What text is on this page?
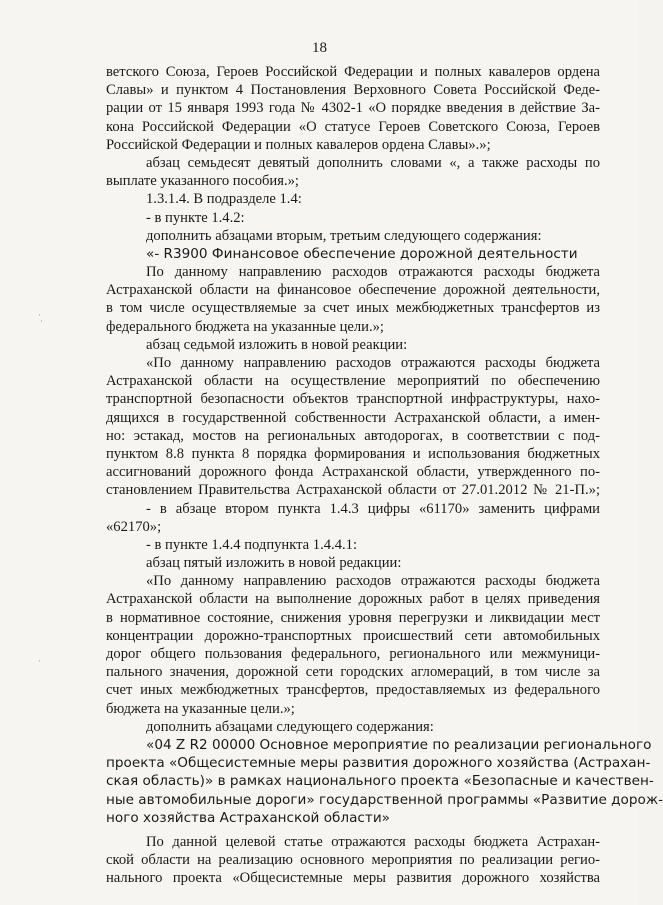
18
·
·
·
ветского Союза, Героев Российской Федерации и полных кавалеров ордена
Славы» и пунктом 4 Постановления Верховного Совета Российской Феде-
рации от 15 января 1993 года № 4302-1 «О порядке введения в действие За-
кона Российской Федерации «О статусе Героев Советского Союза, Героев
Российской Федерации и полных кавалеров ордена Славы».»;
абзац семьдесят девятый дополнить словами «, а также расходы по
выплате указанного пособия.»;
1.3.1.4. В подразделе 1.4:
- в пункте 1.4.2:
дополнить абзацами вторым, третьим следующего содержания:
«- R3900 Финансовое обеспечение дорожной деятельности
По данному направлению расходов отражаются расходы бюджета
Астраханской области на финансовое обеспечение дорожной деятельности,
в том числе осуществляемые за счет иных межбюджетных трансфертов из
федерального бюджета на указанные цели.»;
абзац седьмой изложить в новой реакции:
«По данному направлению расходов отражаются расходы бюджета
Астраханской области на осуществление мероприятий по обеспечению
транспортной безопасности объектов транспортной инфраструктуры, нахо-
дящихся в государственной собственности Астраханской области, а имен-
но: эстакад, мостов на региональных автодорогах, в соответствии с под-
пунктом 8.8 пункта 8 порядка формирования и использования бюджетных
ассигнований дорожного фонда Астраханской области, утвержденного по-
становлением Правительства Астраханской области от 27.01.2012 № 21-П.»;
- в абзаце втором пункта 1.4.3 цифры «61170» заменить цифрами
«62170»;
- в пункте 1.4.4 подпункта 1.4.4.1:
абзац пятый изложить в новой редакции:
«По данному направлению расходов отражаются расходы бюджета
Астраханской области на выполнение дорожных работ в целях приведения
в нормативное состояние, снижения уровня перегрузки и ликвидации мест
концентрации дорожно-транспортных происшествий сети автомобильных
дорог общего пользования федерального, регионального или межмуници-
пального значения, дорожной сети городских агломераций, в том числе за
счет иных межбюджетных трансфертов, предоставляемых из федерального
бюджета на указанные цели.»;
дополнить абзацами следующего содержания:
«04 Z R2 00000 Основное мероприятие по реализации регионального
проекта «Общесистемные меры развития дорожного хозяйства (Астрахан-
ская область)» в рамках национального проекта «Безопасные и качествен-
ные автомобильные дороги» государственной программы «Развитие дорож-
ного хозяйства Астраханской области»
По данной целевой статье отражаются расходы бюджета Астрахан-
ской области на реализацию основного мероприятия по реализации регио-
нального проекта «Общесистемные меры развития дорожного хозяйства
